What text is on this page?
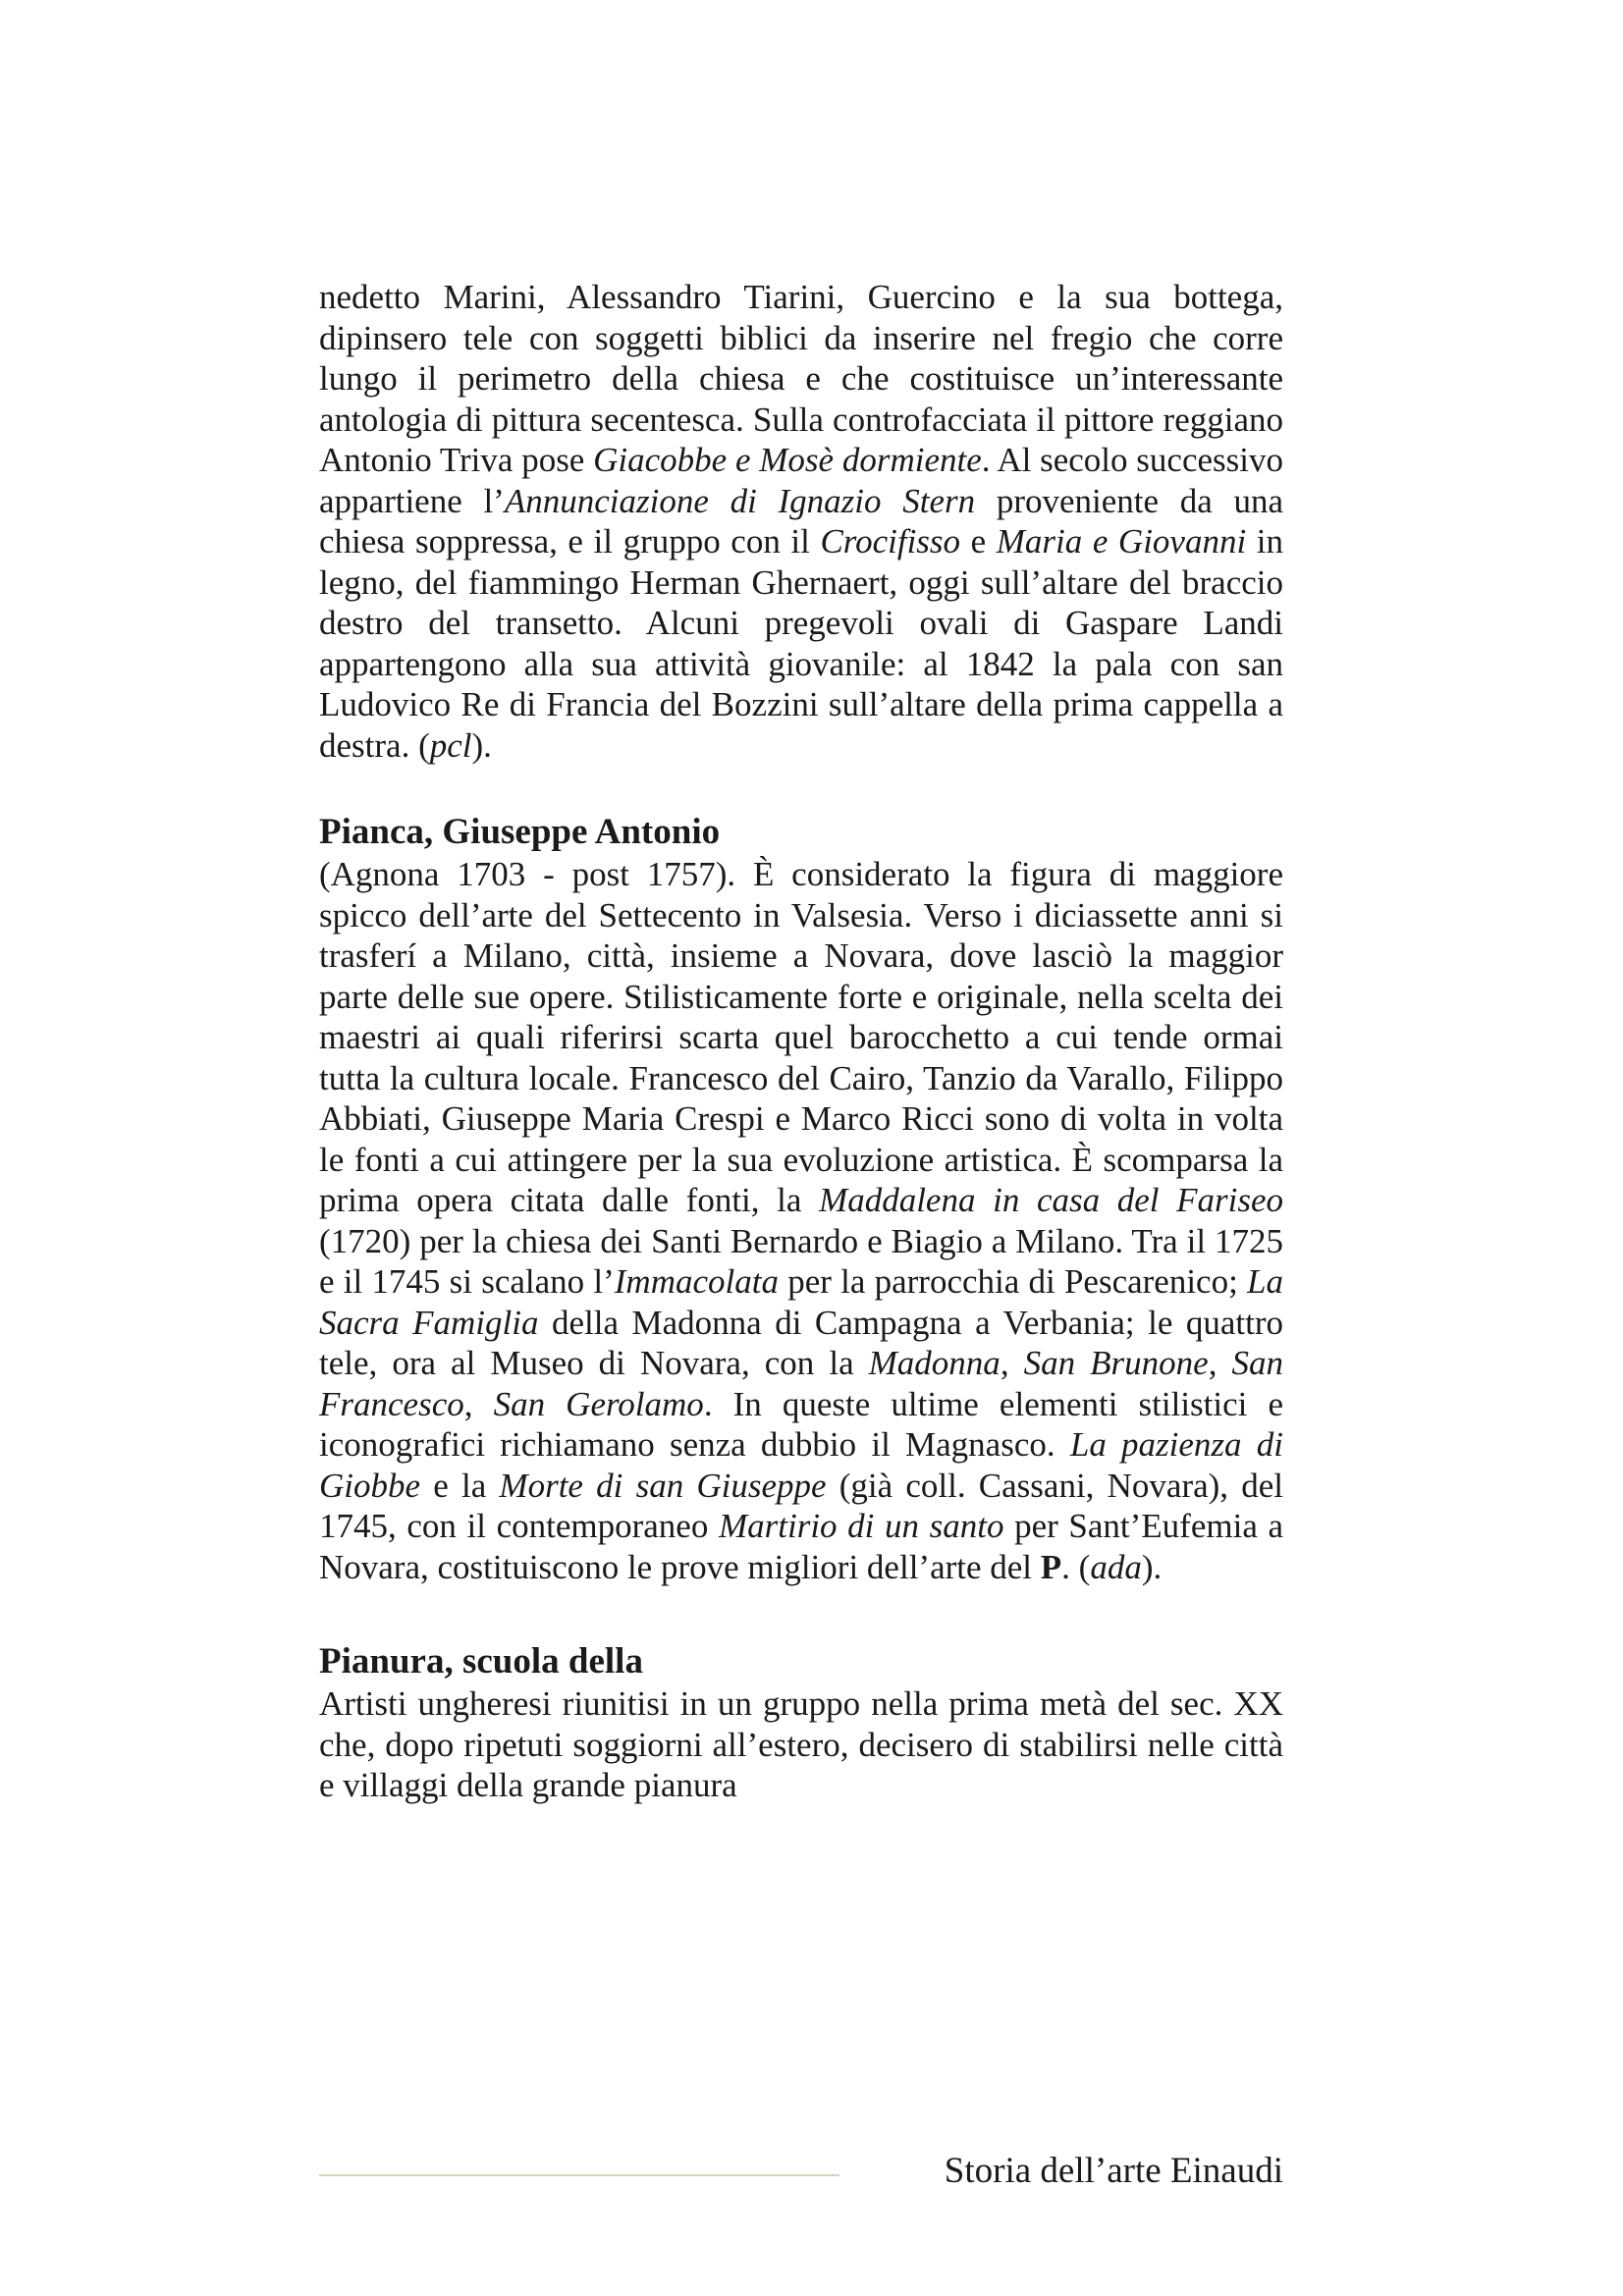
nedetto Marini, Alessandro Tiarini, Guercino e la sua bottega, dipinsero tele con soggetti biblici da inserire nel fregio che corre lungo il perimetro della chiesa e che costituisce un’interessante antologia di pittura secentesca. Sulla controfacciata il pittore reggiano Antonio Triva pose Giacobbe e Mosè dormiente. Al secolo successivo appartiene l’Annunciazione di Ignazio Stern proveniente da una chiesa soppressa, e il gruppo con il Crocifisso e Maria e Giovanni in legno, del fiammingo Herman Ghernaert, oggi sull’altare del braccio destro del transetto. Alcuni pregevoli ovali di Gaspare Landi appartengono alla sua attività giovanile: al 1842 la pala con san Ludovico Re di Francia del Bozzini sull’altare della prima cappella a destra. (pcl).

Pianca, Giuseppe Antonio

(Agnona 1703 - post 1757). È considerato la figura di maggiore spicco dell’arte del Settecento in Valsesia. Verso i diciassette anni si trasferí a Milano, città, insieme a Novara, dove lasciò la maggior parte delle sue opere. Stilisticamente forte e originale, nella scelta dei maestri ai quali riferirsi scarta quel barocchetto a cui tende ormai tutta la cultura locale. Francesco del Cairo, Tanzio da Varallo, Filippo Abbiati, Giuseppe Maria Crespi e Marco Ricci sono di volta in volta le fonti a cui attingere per la sua evoluzione artistica. È scomparsa la prima opera citata dalle fonti, la Maddalena in casa del Fariseo (1720) per la chiesa dei Santi Bernardo e Biagio a Milano. Tra il 1725 e il 1745 si scalano l’Immacolata per la parrocchia di Pescarenico; La Sacra Famiglia della Madonna di Campagna a Verbania; le quattro tele, ora al Museo di Novara, con la Madonna, San Brunone, San Francesco, San Gerolamo. In queste ultime elementi stilistici e iconografici richiamano senza dubbio il Magnasco. La pazienza di Giobbe e la Morte di san Giuseppe (già coll. Cassani, Novara), del 1745, con il contemporaneo Martirio di un santo per Sant’Eufemia a Novara, costituiscono le prove migliori dell’arte del P. (ada).

Pianura, scuola della

Artisti ungheresi riunitisi in un gruppo nella prima metà del sec. XX che, dopo ripetuti soggiorni all’estero, decisero di stabilirsi nelle città e villaggi della grande pianura

Storia dell’arte Einaudi
